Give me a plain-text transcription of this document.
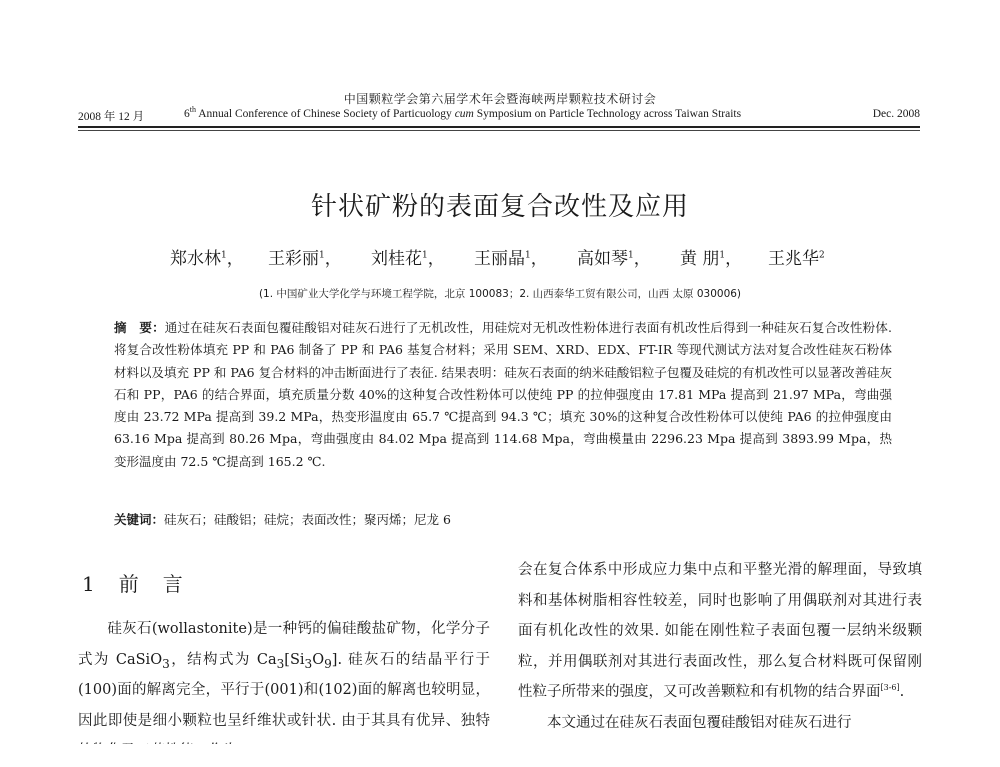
中国颗粒学会第六届学术年会暨海峡两岸颗粒技术研讨会
2008 年 12 月	6th Annual Conference of Chinese Society of Particuology cum Symposium on Particle Technology across Taiwan Straits	Dec. 2008
针状矿粉的表面复合改性及应用
郑水林$^1$， 王彩丽$^1$， 刘桂花$^1$， 王丽晶$^1$， 高如琴$^1$， 黄 朋$^1$， 王兆华$^2$
(1. 中国矿业大学化学与环境工程学院，北京 100083；2. 山西泰华工贸有限公司，山西 太原 030006)
摘　要：通过在硅灰石表面包覆硅酸铝对硅灰石进行了无机改性，用硅烷对无机改性粉体进行表面有机改性后得到一种硅灰石复合改性粉体. 将复合改性粉体填充 PP 和 PA6 制备了 PP 和 PA6 基复合材料；采用 SEM、XRD、EDX、FT-IR 等现代测试方法对复合改性硅灰石粉体材料以及填充 PP 和 PA6 复合材料的冲击断面进行了表征. 结果表明：硅灰石表面的纳米硅酸铝粒子包覆及硅烷的有机改性可以显著改善硅灰石和 PP，PA6 的结合界面，填充质量分数 40%的这种复合改性粉体可以使纯 PP 的拉伸强度由 17.81 MPa 提高到 21.97 MPa，弯曲强度由 23.72 MPa 提高到 39.2 MPa，热变形温度由 65.7 ℃提高到 94.3 ℃；填充 30%的这种复合改性粉体可以使纯 PA6 的拉伸强度由 63.16 Mpa 提高到 80.26 Mpa，弯曲强度由 84.02 Mpa 提高到 114.68 Mpa，弯曲模量由 2296.23 Mpa 提高到 3893.99 Mpa，热变形温度由 72.5 ℃提高到 165.2 ℃.
关键词：硅灰石；硅酸铝；硅烷；表面改性；聚丙烯；尼龙 6
1　前　言
硅灰石(wollastonite)是一种钙的偏硅酸盐矿物，化学分子式为 CaSiO$_3$，结构式为 $Ca_3[Si_3O_9]$. 硅灰石的结晶平行于(100)面的解离完全，平行于(001)和(102)面的解离也较明显，因此即使是细小颗粒也呈纤维状或针状. 由于其具有优异、独特
会在复合体系中形成应力集中点和平整光滑的解理面，导致填料和基体树脂相容性较差，同时也影响了用偶联剂对其进行表面有机化改性的效果. 如能在刚性粒子表面包覆一层纳米级颗粒，并用偶联剂对其进行表面改性，那么复合材料既可保留刚性粒子所带来的强度，又可改善颗粒和有机物的结合界面[3-6].
本文通过在硅灰石表面包覆硅酸铝对硅灰石进行
